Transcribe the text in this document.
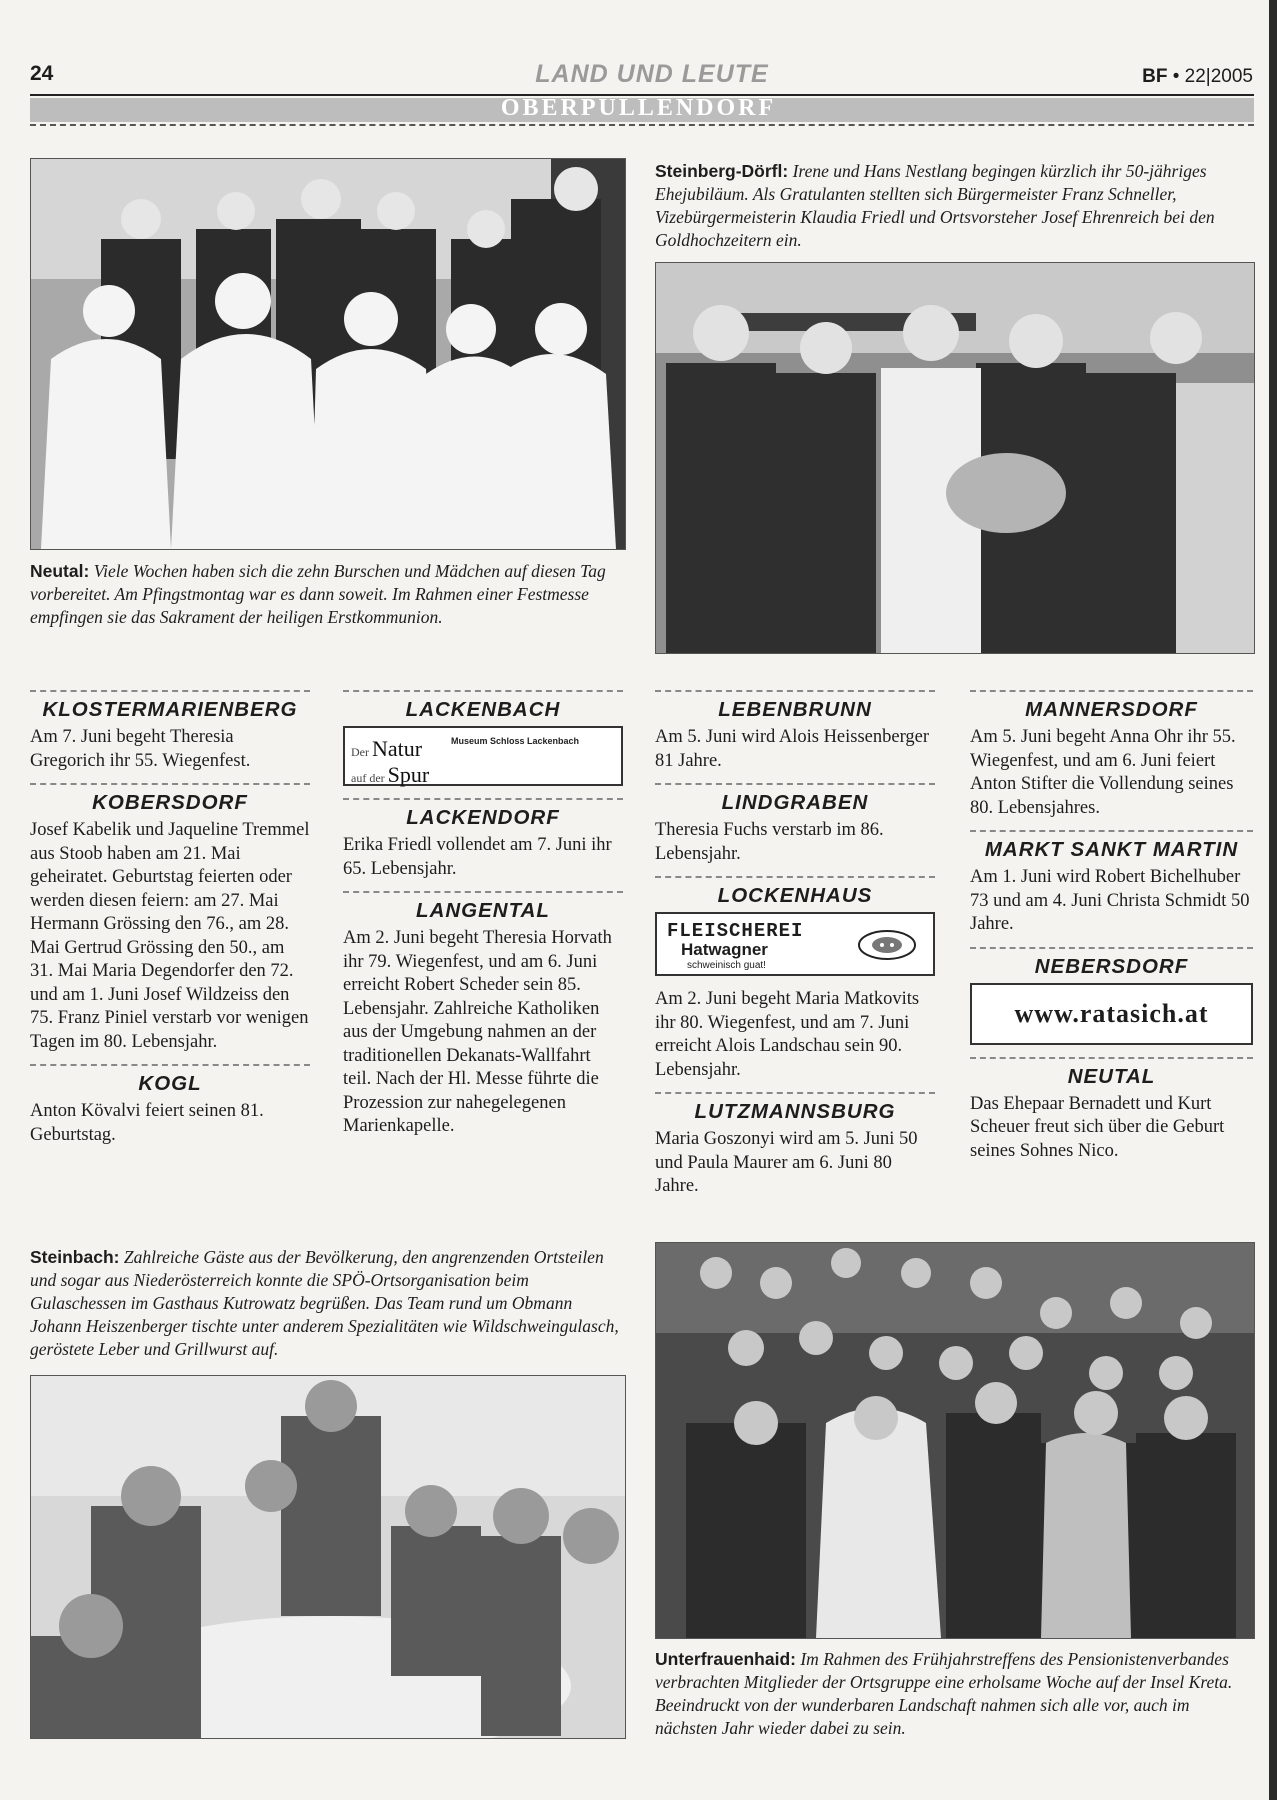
24	LAND UND LEUTE	BF • 22|2005
OBERPULLENDORF
Neutal: Viele Wochen haben sich die zehn Burschen und Mädchen auf diesen Tag vorbereitet. Am Pfingstmontag war es dann soweit. Im Rahmen einer Festmesse empfingen sie das Sakrament der heiligen Erstkommunion.
Steinberg-Dörfl: Irene und Hans Nestlang begingen kürzlich ihr 50-jähriges Ehejubiläum. Als Gratulanten stellten sich Bürgermeister Franz Schneller, Vizebürgermeisterin Klaudia Friedl und Ortsvorsteher Josef Ehrenreich bei den Goldhochzeitern ein.
KLOSTERMARIENBERG

Am 7. Juni begeht Theresia Gregorich ihr 55. Wiegenfest.

KOBERSDORF

Josef Kabelik und Jaqueline Tremmel aus Stoob haben am 21. Mai geheiratet. Geburtstag feierten oder werden diesen feiern: am 27. Mai Hermann Grössing den 76., am 28. Mai Gertrud Grössing den 50., am 31. Mai Maria Degendorfer den 72. und am 1. Juni Josef Wildzeiss den 75. Franz Piniel verstarb vor wenigen Tagen im 80. Lebensjahr.

KOGL

Anton Kövalvi feiert seinen 81. Geburtstag.

LACKENBACH
Der Natur
auf der Spur
Museum Schloss Lackenbach
LACKENDORF

Erika Friedl vollendet am 7. Juni ihr 65. Lebensjahr.

LANGENTAL

Am 2. Juni begeht Theresia Horvath ihr 79. Wiegenfest, und am 6. Juni erreicht Robert Scheder sein 85. Lebensjahr. Zahlreiche Katholiken aus der Umgebung nahmen an der traditionellen Dekanats-Wallfahrt teil. Nach der Hl. Messe führte die Prozession zur nahegelegenen Marienkapelle.

LEBENBRUNN

Am 5. Juni wird Alois Heissenberger 81 Jahre.

LINDGRABEN

Theresia Fuchs verstarb im 86. Lebensjahr.

LOCKENHAUS
FLEISCHEREI
Hatwagner
schweinisch guat!

Am 2. Juni begeht Maria Matkovits ihr 80. Wiegenfest, und am 7. Juni erreicht Alois Landschau sein 90. Lebensjahr.

LUTZMANNSBURG

Maria Goszonyi wird am 5. Juni 50 und Paula Maurer am 6. Juni 80 Jahre.

MANNERSDORF

Am 5. Juni begeht Anna Ohr ihr 55. Wiegenfest, und am 6. Juni feiert Anton Stifter die Vollendung seines 80. Lebensjahres.

MARKT SANKT MARTIN

Am 1. Juni wird Robert Bichelhuber 73 und am 4. Juni Christa Schmidt 50 Jahre.

NEBERSDORF
www.ratasich.at
NEUTAL

Das Ehepaar Bernadett und Kurt Scheuer freut sich über die Geburt seines Sohnes Nico.

Steinbach: Zahlreiche Gäste aus der Bevölkerung, den angrenzenden Ortsteilen und sogar aus Niederösterreich konnte die SPÖ-Ortsorganisation beim Gulaschessen im Gasthaus Kutrowatz begrüßen. Das Team rund um Obmann Johann Heiszenberger tischte unter anderem Spezialitäten wie Wildschweingulasch, geröstete Leber und Grillwurst auf.
Unterfrauenhaid: Im Rahmen des Frühjahrstreffens des Pensionistenverbandes verbrachten Mitglieder der Ortsgruppe eine erholsame Woche auf der Insel Kreta. Beeindruckt von der wunderbaren Landschaft nahmen sich alle vor, auch im nächsten Jahr wieder dabei zu sein.
